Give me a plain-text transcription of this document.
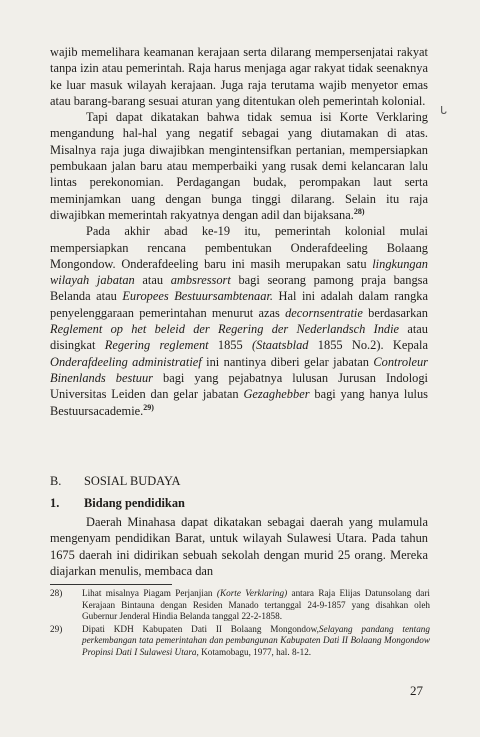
ᒐ

wajib memelihara keamanan kerajaan serta dilarang mempersenjatai rakyat tanpa izin atau pemerintah. Raja harus menjaga agar rakyat tidak seenaknya ke luar masuk wilayah kerajaan. Juga raja terutama wajib menyetor emas atau barang-barang sesuai aturan yang ditentukan oleh pemerintah kolonial.

Tapi dapat dikatakan bahwa tidak semua isi Korte Verklaring mengandung hal-hal yang negatif sebagai yang diutamakan di atas. Misalnya raja juga diwajibkan mengintensifkan pertanian, mempersiapkan pembukaan jalan baru atau memperbaiki yang rusak demi kelancaran lalu lintas perekonomian. Perdagangan budak, perompakan laut serta meminjamkan uang dengan bunga tinggi dilarang. Selain itu raja diwajibkan memerintah rakyatnya dengan adil dan bijaksana.$^{28)}$

Pada akhir abad ke-19 itu, pemerintah kolonial mulai mempersiapkan rencana pembentukan Onderafdeeling Bolaang Mongondow. Onderafdeeling baru ini masih merupakan satu lingkungan wilayah jabatan atau ambsressort bagi seorang pamong praja bangsa Belanda atau Europees Bestuursambtenaar. Hal ini adalah dalam rangka penyelenggaraan pemerintahan menurut azas decornsentratie berdasarkan Reglement op het beleid der Regering der Nederlandsch Indie atau disingkat Regering reglement 1855 (Staatsblad 1855 No.2). Kepala Onderafdeeling administratief ini nantinya diberi gelar jabatan Controleur Binenlands bestuur bagi yang pejabatnya lulusan Jurusan Indologi Universitas Leiden dan gelar jabatan Gezaghebber bagi yang hanya lulus Bestuursacademie.$^{29)}$

B. SOSIAL BUDAYA
1. Bidang pendidikan

Daerah Minahasa dapat dikatakan sebagai daerah yang mulamula mengenyam pendidikan Barat, untuk wilayah Sulawesi Utara. Pada tahun 1675 daerah ini didirikan sebuah sekolah dengan murid 25 orang. Mereka diajarkan menulis, membaca dan

28)	Lihat misalnya Piagam Perjanjian (Korte Verklaring) antara Raja Elijas Datunsolang dari Kerajaan Bintauna dengan Residen Manado tertanggal 24-9-1857 yang disahkan oleh Gubernur Jenderal Hindia Belanda tanggal 22-2-1858.
29)	Dipati KDH Kabupaten Dati II Bolaang Mongondow,Selayang pandang tentang perkembangan tata pemerintahan dan pembangunan Kabupaten Dati II Bolaang Mongondow Propinsi Dati I Sulawesi Utara, Kotamobagu, 1977, hal. 8-12.
27
